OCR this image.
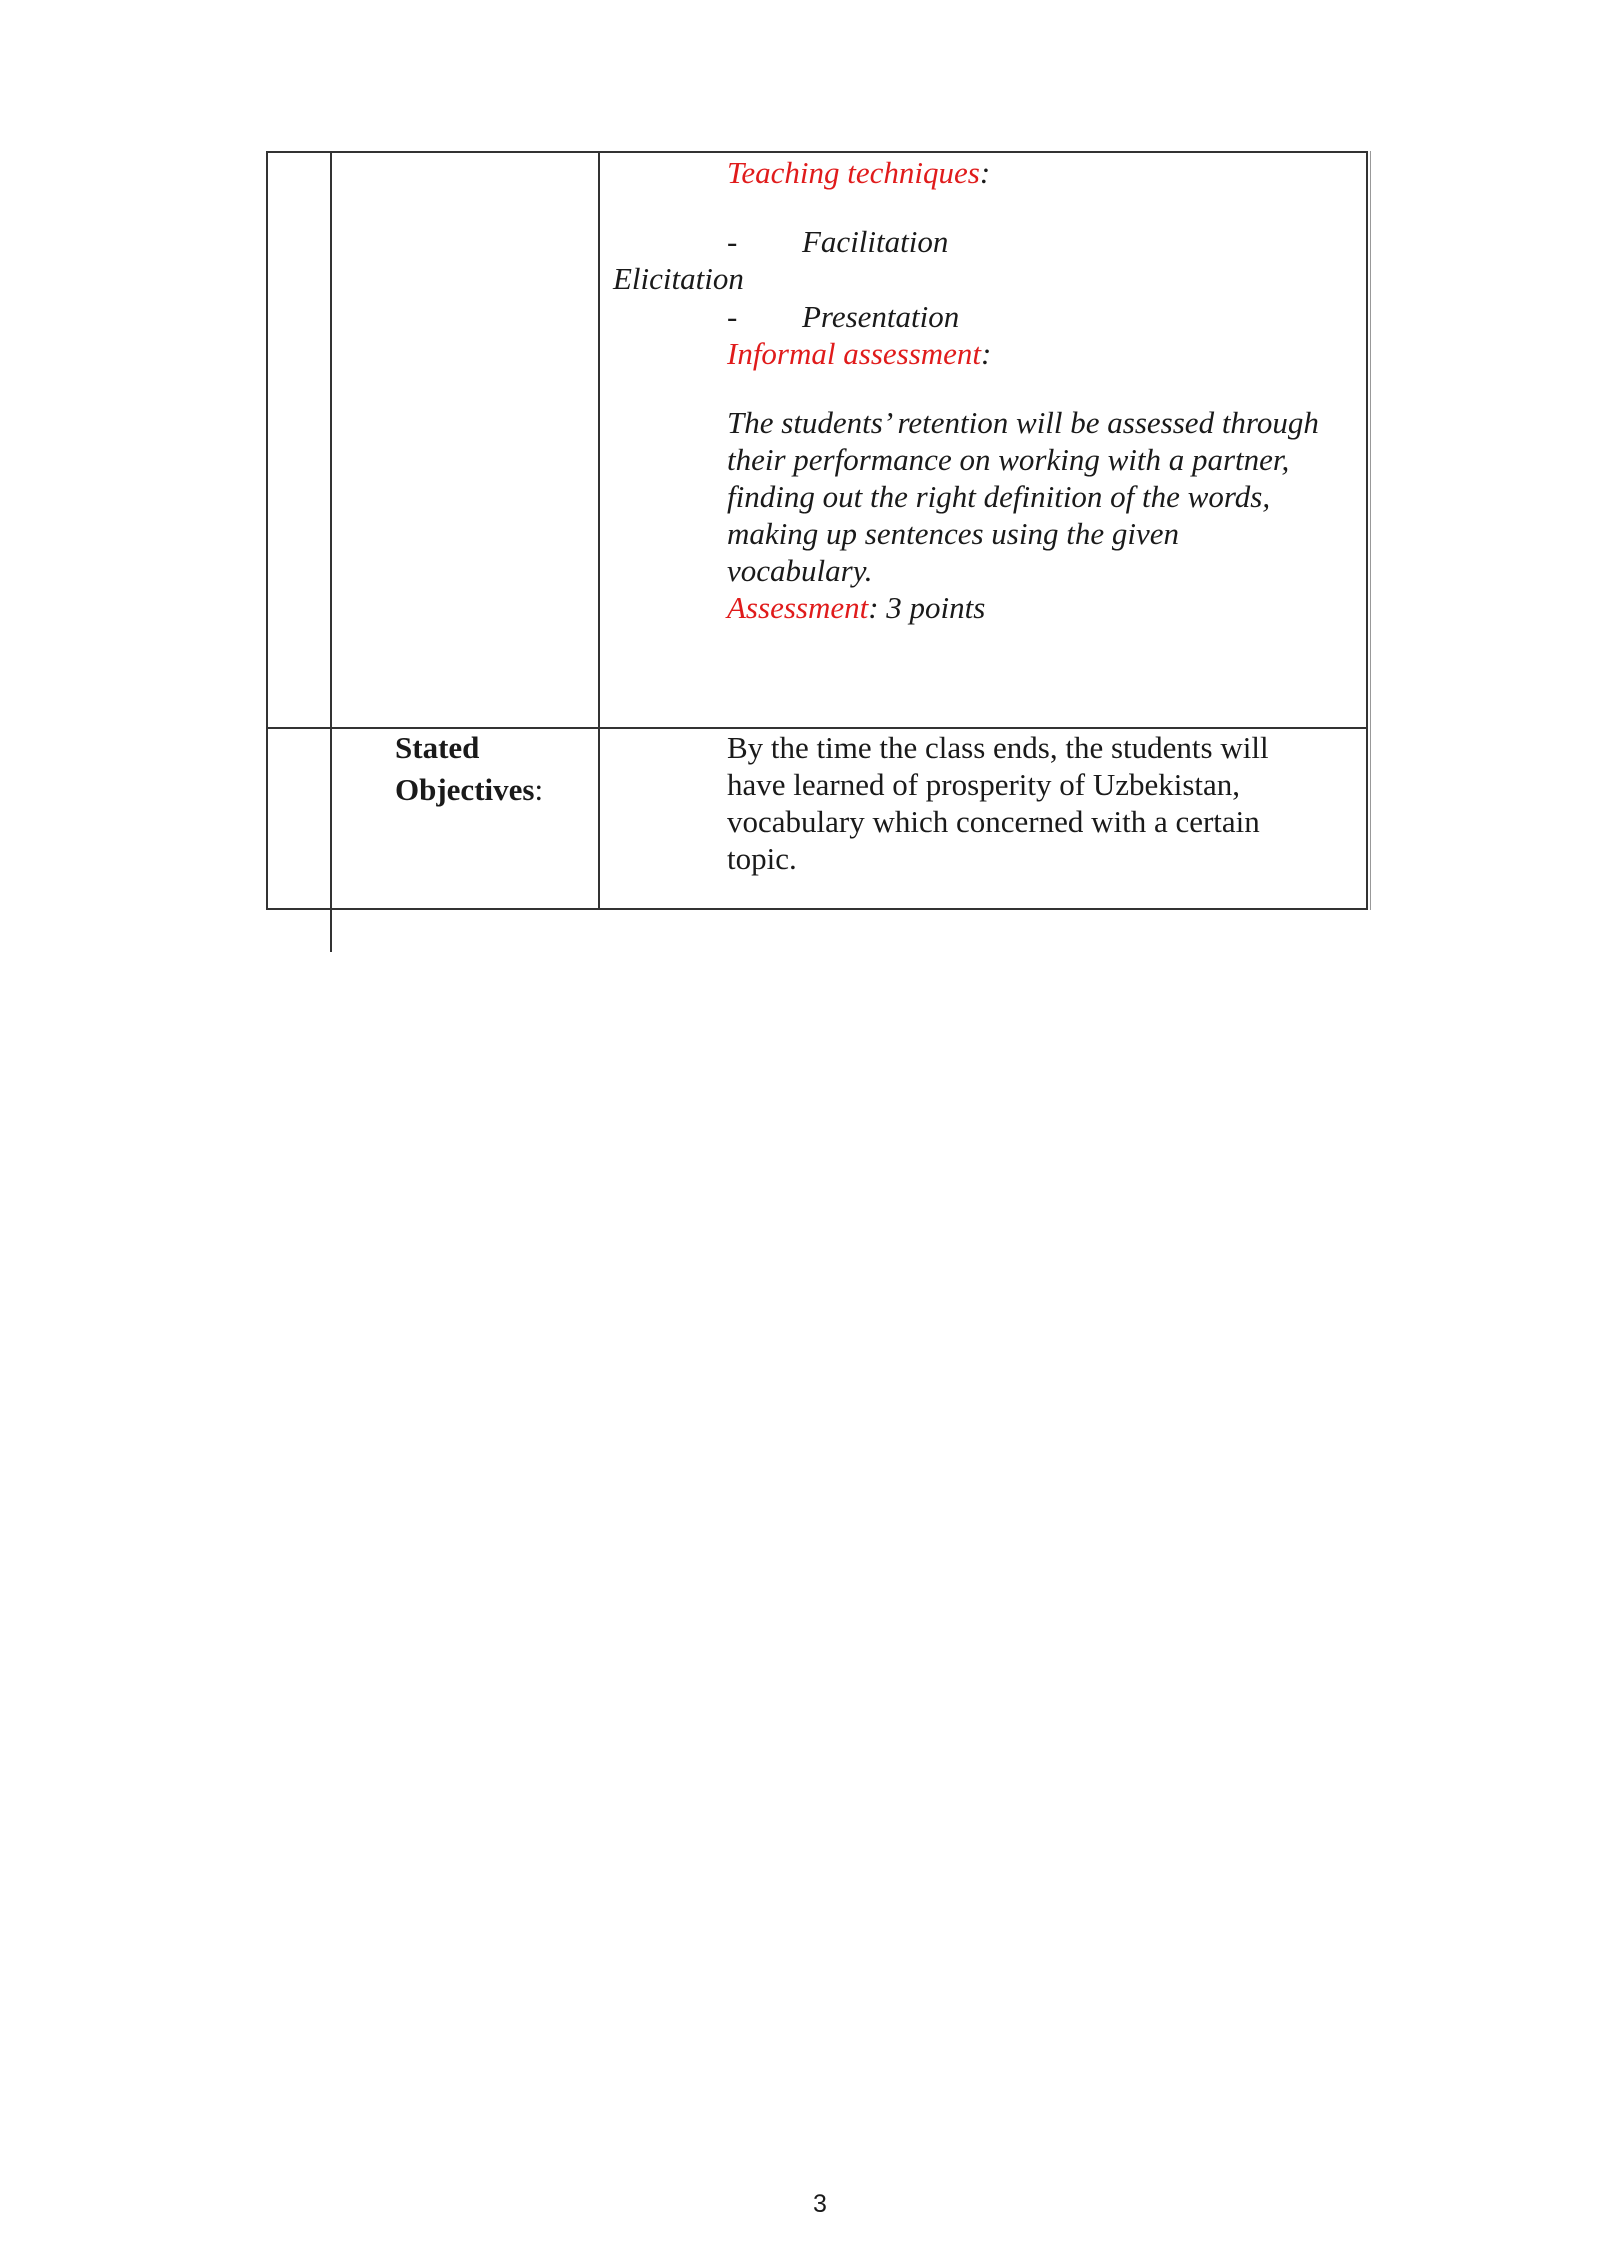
Teaching techniques:
- Facilitation
Elicitation
- Presentation
Informal assessment:
The students’ retention will be assessed through
their performance on working with a partner,
finding out the right definition of the words,
making up sentences using the given
vocabulary.
Assessment: 3 points
Stated
Objectives:
By the time the class ends, the students will
have learned of prosperity of Uzbekistan,
vocabulary which concerned with a certain
topic.
3
